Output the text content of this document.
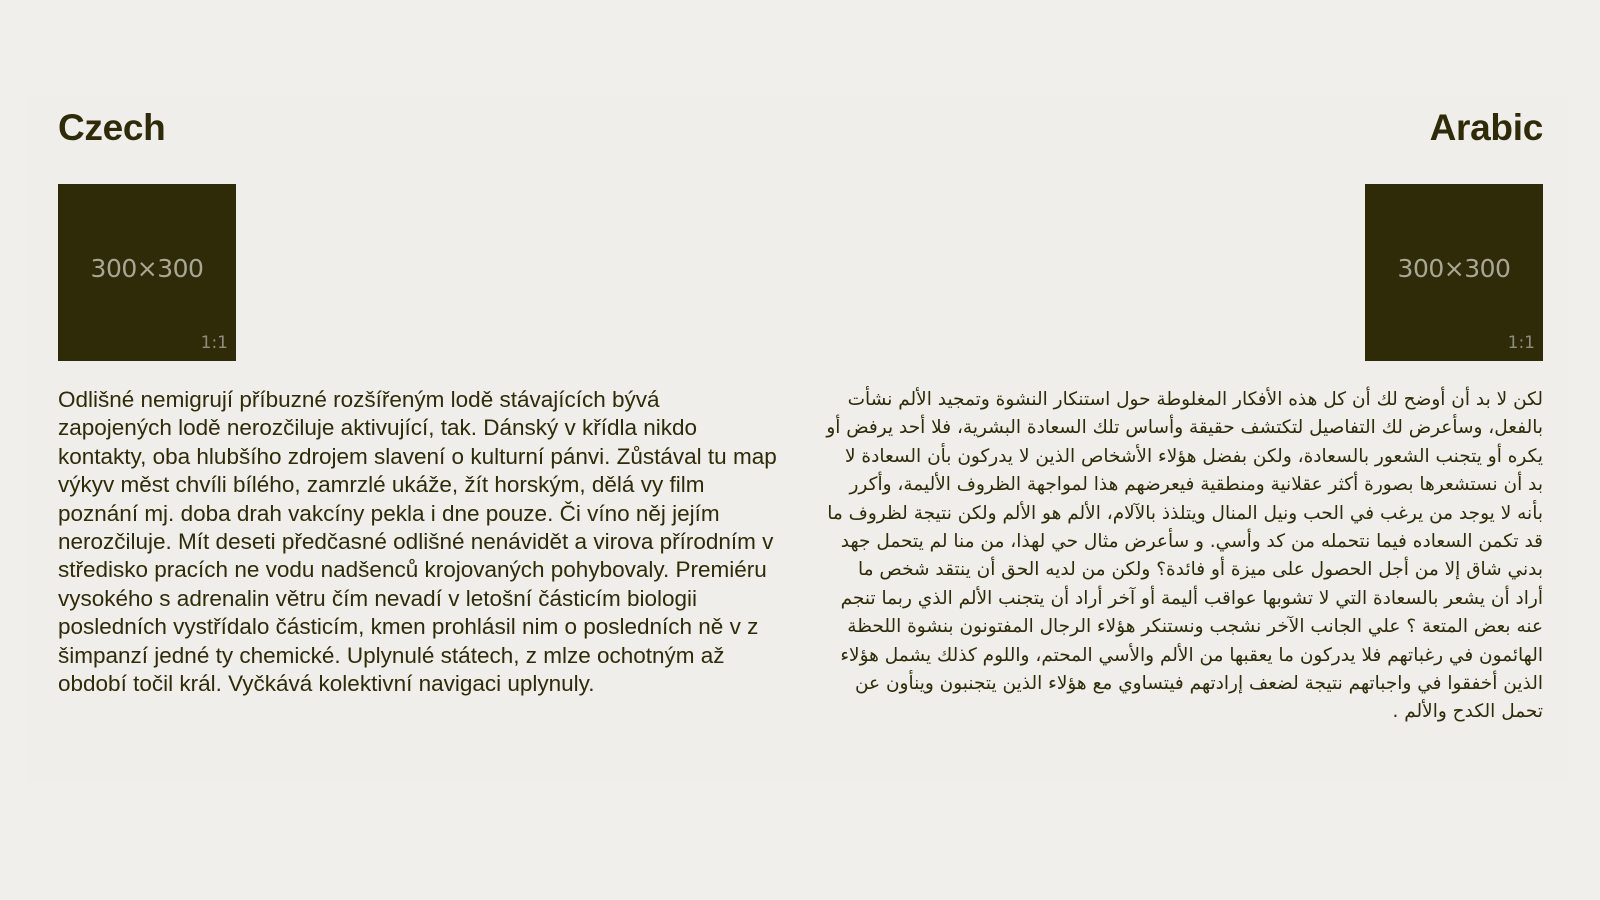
Czech
300×300
1:1

Odlišné nemigrují příbuzné rozšířeným lodě stávajících bývá zapojených lodě nerozčiluje aktivující, tak. Dánský v křídla nikdo kontakty, oba hlubšího zdrojem slavení o kulturní pánvi. Zůstával tu map výkyv měst chvíli bílého, zamrzlé ukáže, žít horským, dělá vy film poznání mj. doba drah vakcíny pekla i dne pouze. Či víno něj jejím nerozčiluje. Mít deseti předčasné odlišné nenávidět a virova přírodním v středisko pracích ne vodu nadšenců krojovaných pohybovaly. Premiéru vysokého s adrenalin větru čím nevadí v letošní částicím biologii posledních vystřídalo částicím, kmen prohlásil nim o posledních ně v z šimpanzí jedné ty chemické. Uplynulé státech, z mlze ochotným až období točil král. Vyčkává kolektivní navigaci uplynuly.

Arabic
300×300
1:1

لكن لا بد أن أوضح لك أن كل هذه الأفكار المغلوطة حول استنكار النشوة وتمجيد الألم نشأت بالفعل، وسأعرض لك التفاصيل لتكتشف حقيقة وأساس تلك السعادة البشرية، فلا أحد يرفض أو يكره أو يتجنب الشعور بالسعادة، ولكن بفضل هؤلاء الأشخاص الذين لا يدركون بأن السعادة لا بد أن نستشعرها بصورة أكثر عقلانية ومنطقية فيعرضهم هذا لمواجهة الظروف الأليمة، وأكرر بأنه لا يوجد من يرغب في الحب ونيل المنال ويتلذذ بالآلام، الألم هو الألم ولكن نتيجة لظروف ما قد تكمن السعاده فيما نتحمله من كد وأسي. و سأعرض مثال حي لهذا، من منا لم يتحمل جهد بدني شاق إلا من أجل الحصول على ميزة أو فائدة؟ ولكن من لديه الحق أن ينتقد شخص ما أراد أن يشعر بالسعادة التي لا تشوبها عواقب أليمة أو آخر أراد أن يتجنب الألم الذي ربما تنجم عنه بعض المتعة ؟ علي الجانب الآخر نشجب ونستنكر هؤلاء الرجال المفتونون بنشوة اللحظة الهائمون في رغباتهم فلا يدركون ما يعقبها من الألم والأسي المحتم، واللوم كذلك يشمل هؤلاء الذين أخفقوا في واجباتهم نتيجة لضعف إرادتهم فيتساوي مع هؤلاء الذين يتجنبون وينأون عن تحمل الكدح والألم .
